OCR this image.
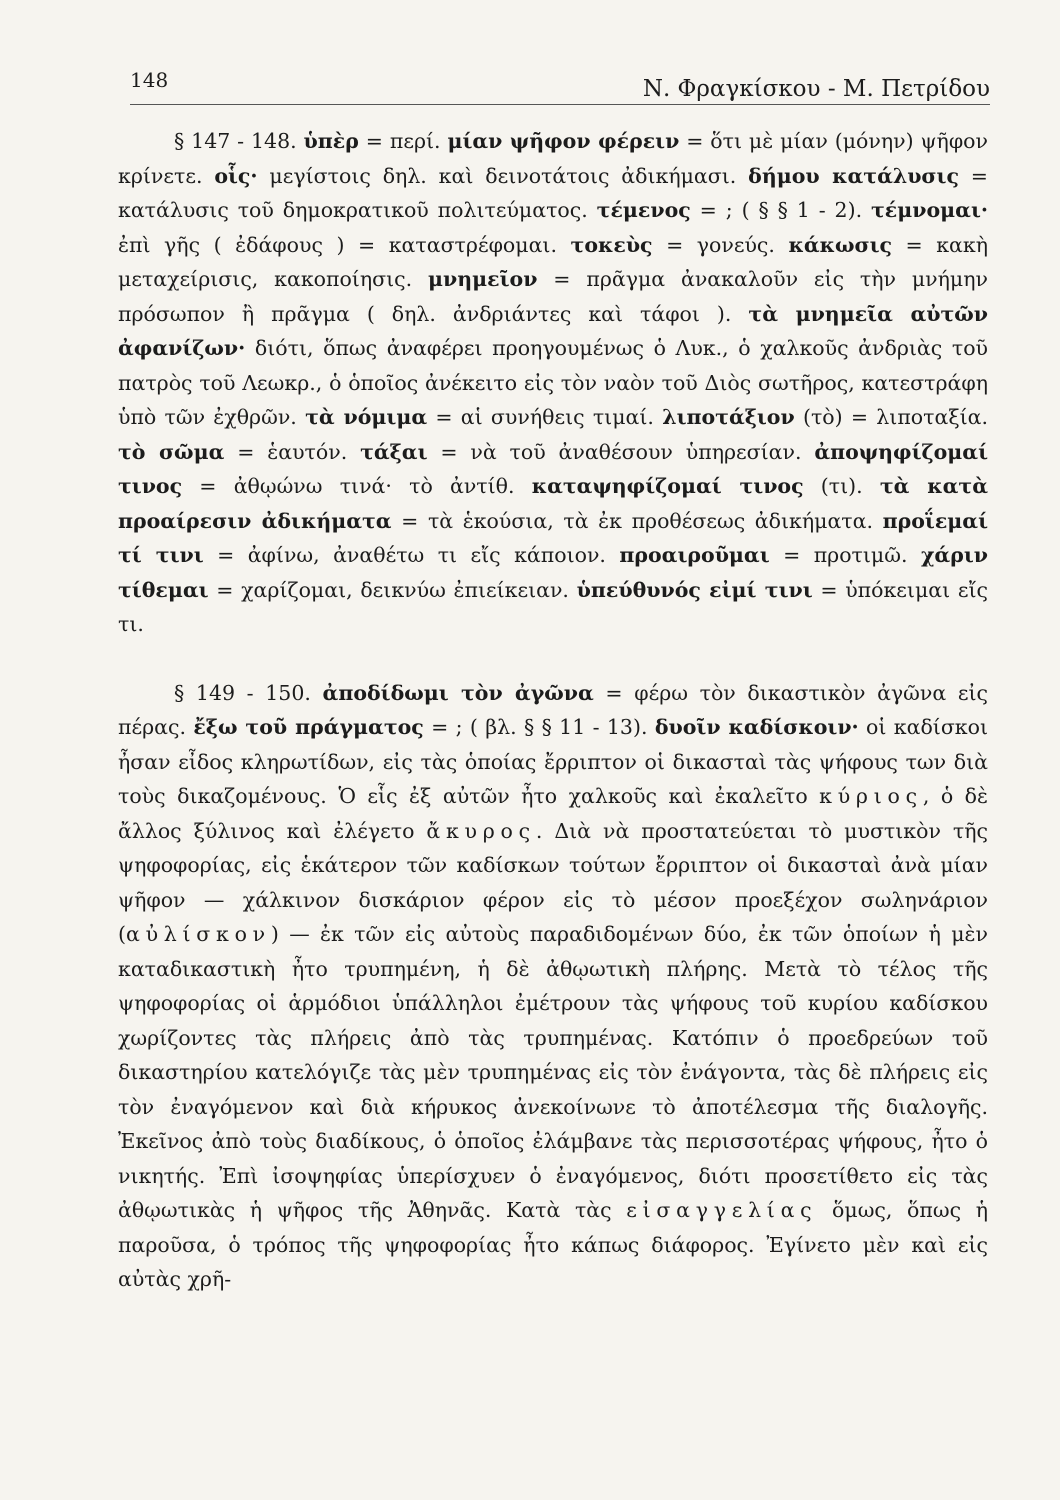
148	Ν. Φραγκίσκου - Μ. Πετρίδου

§ 147 - 148. ὑπὲρ = περί. μίαν ψῆφον φέρειν = ὅτι μὲ μίαν (μόνην) ψῆφον κρίνετε. οἷς· μεγίστοις δηλ. καὶ δεινοτάτοις ἀδικήμασι. δήμου κατάλυσις = κατάλυσις τοῦ δημοκρατικοῦ πολιτεύματος. τέμενος = ; ( § § 1 - 2). τέμνομαι· ἐπὶ γῆς ( ἐδάφους ) = καταστρέφομαι. τοκεὺς = γονεύς. κάκωσις = κακὴ μεταχείρισις, κακοποίησις. μνημεῖον = πρᾶγμα ἀνακαλοῦν εἰς τὴν μνήμην πρόσωπον ἢ πρᾶγμα ( δηλ. ἀνδριάντες καὶ τάφοι ). τὰ μνημεῖα αὐτῶν ἀφανίζων· διότι, ὅπως ἀναφέρει προηγουμένως ὁ Λυκ., ὁ χαλκοῦς ἀνδριὰς τοῦ πατρὸς τοῦ Λεωκρ., ὁ ὁποῖος ἀνέκειτο εἰς τὸν ναὸν τοῦ Διὸς σωτῆρος, κατεστράφη ὑπὸ τῶν ἐχθρῶν. τὰ νόμιμα = αἱ συνήθεις τιμαί. λιποτάξιον (τὸ) = λιποταξία. τὸ σῶμα = ἑαυτόν. τάξαι = νὰ τοῦ ἀναθέσουν ὑπηρεσίαν. ἀποψηφίζομαί τινος = ἀθῳώνω τινά· τὸ ἀντίθ. καταψηφίζομαί τινος (τι). τὰ κατὰ προαίρεσιν ἀδικήματα = τὰ ἑκούσια, τὰ ἐκ προθέσεως ἀδικήματα. προΐεμαί τί τινι = ἀφίνω, ἀναθέτω τι εἴς κάποιον. προαιροῦμαι = προτιμῶ. χάριν τίθεμαι = χαρίζομαι, δεικνύω ἐπιείκειαν. ὑπεύθυνός εἰμί τινι = ὑπόκειμαι εἴς τι.

§ 149 - 150. ἀποδίδωμι τὸν ἀγῶνα = φέρω τὸν δικαστικὸν ἀγῶνα εἰς πέρας. ἔξω τοῦ πράγματος = ; ( βλ. § § 11 - 13). δυοῖν καδίσκοιν· οἱ καδίσκοι ἦσαν εἶδος κληρωτίδων, εἰς τὰς ὁποίας ἔρριπτον οἱ δικασταὶ τὰς ψήφους των διὰ τοὺς δικαζομένους. Ὁ εἷς ἐξ αὐτῶν ἦτο χαλκοῦς καὶ ἐκαλεῖτο κύριος, ὁ δὲ ἄλλος ξύλινος καὶ ἐλέγετο ἄκυρος. Διὰ νὰ προστατεύεται τὸ μυστικὸν τῆς ψηφοφορίας, εἰς ἑκάτερον τῶν καδίσκων τούτων ἔρριπτον οἱ δικασταὶ ἀνὰ μίαν ψῆφον — χάλκινον δισκάριον φέρον εἰς τὸ μέσον προεξέχον σωληνάριον (αὐλίσκον) — ἐκ τῶν εἰς αὐτοὺς παραδιδομένων δύο, ἐκ τῶν ὁποίων ἡ μὲν καταδικαστικὴ ἦτο τρυπημένη, ἡ δὲ ἀθῳωτικὴ πλήρης. Μετὰ τὸ τέλος τῆς ψηφοφορίας οἱ ἁρμόδιοι ὑπάλληλοι ἐμέτρουν τὰς ψήφους τοῦ κυρίου καδίσκου χωρίζοντες τὰς πλήρεις ἀπὸ τὰς τρυπημένας. Κατόπιν ὁ προεδρεύων τοῦ δικαστηρίου κατελόγιζε τὰς μὲν τρυπημένας εἰς τὸν ἐνάγοντα, τὰς δὲ πλήρεις εἰς τὸν ἐναγόμενον καὶ διὰ κήρυκος ἀνεκοίνωνε τὸ ἀποτέλεσμα τῆς διαλογῆς. Ἐκεῖνος ἀπὸ τοὺς διαδίκους, ὁ ὁποῖος ἐλάμβανε τὰς περισσοτέρας ψήφους, ἦτο ὁ νικητής. Ἐπὶ ἰσοψηφίας ὑπερίσχυεν ὁ ἐναγόμενος, διότι προσετίθετο εἰς τὰς ἀθῳωτικὰς ἡ ψῆφος τῆς Ἀθηνᾶς. Κατὰ τὰς εἰσαγγελίας ὅμως, ὅπως ἡ παροῦσα, ὁ τρόπος τῆς ψηφοφορίας ἦτο κάπως διάφορος. Ἐγίνετο μὲν καὶ εἰς αὐτὰς χρῆ-
